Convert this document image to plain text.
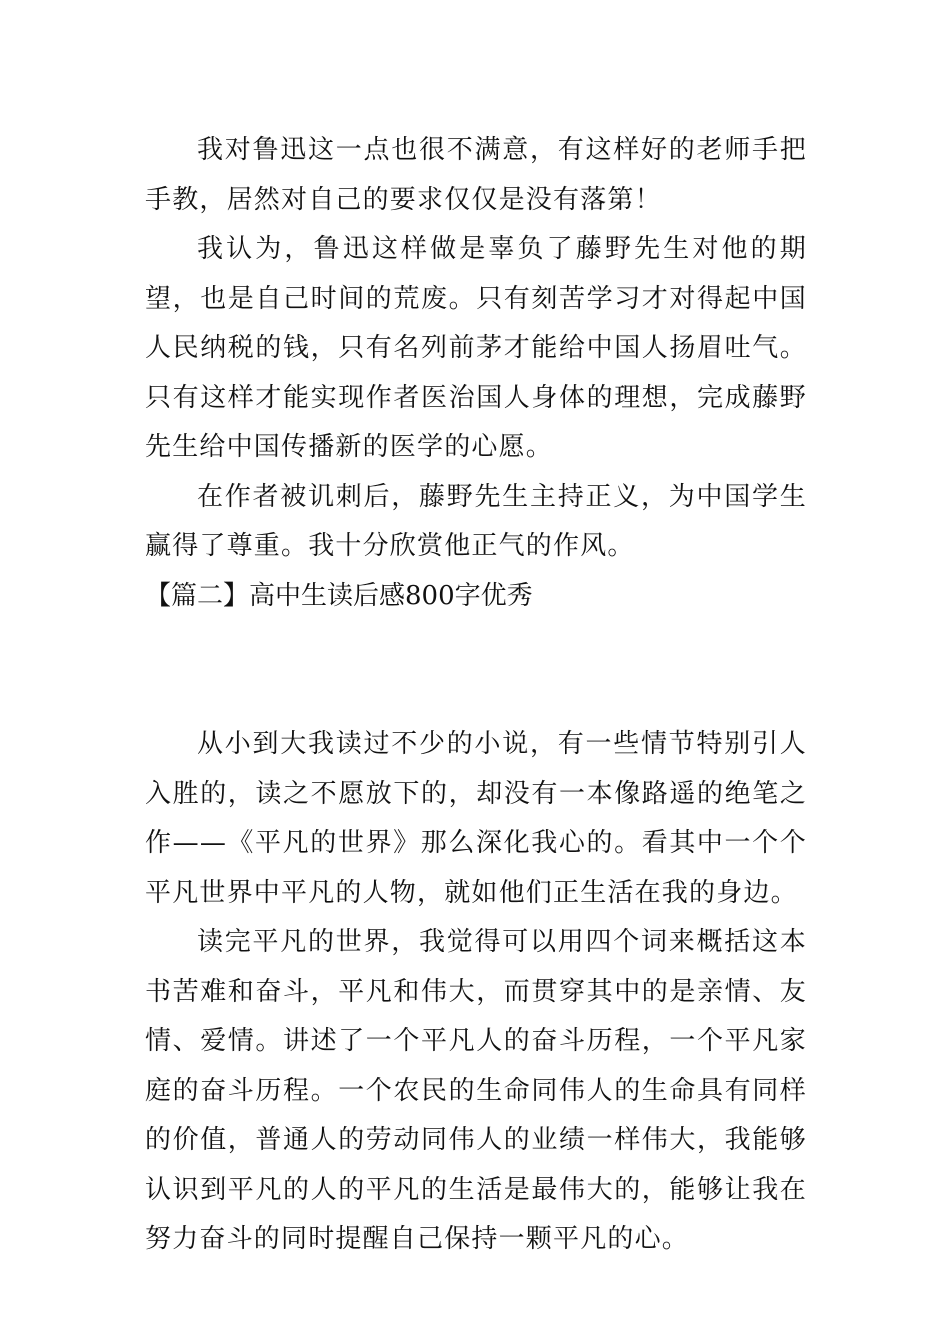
我对鲁迅这一点也很不满意，有这样好的老师手把手教，居然对自己的要求仅仅是没有落第！

我认为，鲁迅这样做是辜负了藤野先生对他的期望，也是自己时间的荒废。只有刻苦学习才对得起中国人民纳税的钱，只有名列前茅才能给中国人扬眉吐气。只有这样才能实现作者医治国人身体的理想，完成藤野先生给中国传播新的医学的心愿。

在作者被讥刺后，藤野先生主持正义，为中国学生赢得了尊重。我十分欣赏他正气的作风。

【篇二】高中生读后感800字优秀

从小到大我读过不少的小说，有一些情节特别引人入胜的，读之不愿放下的，却没有一本像路遥的绝笔之作——《平凡的世界》那么深化我心的。看其中一个个平凡世界中平凡的人物，就如他们正生活在我的身边。

读完平凡的世界，我觉得可以用四个词来概括这本书苦难和奋斗，平凡和伟大，而贯穿其中的是亲情、友情、爱情。讲述了一个平凡人的奋斗历程，一个平凡家庭的奋斗历程。一个农民的生命同伟人的生命具有同样的价值，普通人的劳动同伟人的业绩一样伟大，我能够认识到平凡的人的平凡的生活是最伟大的，能够让我在努力奋斗的同时提醒自己保持一颗平凡的心。
